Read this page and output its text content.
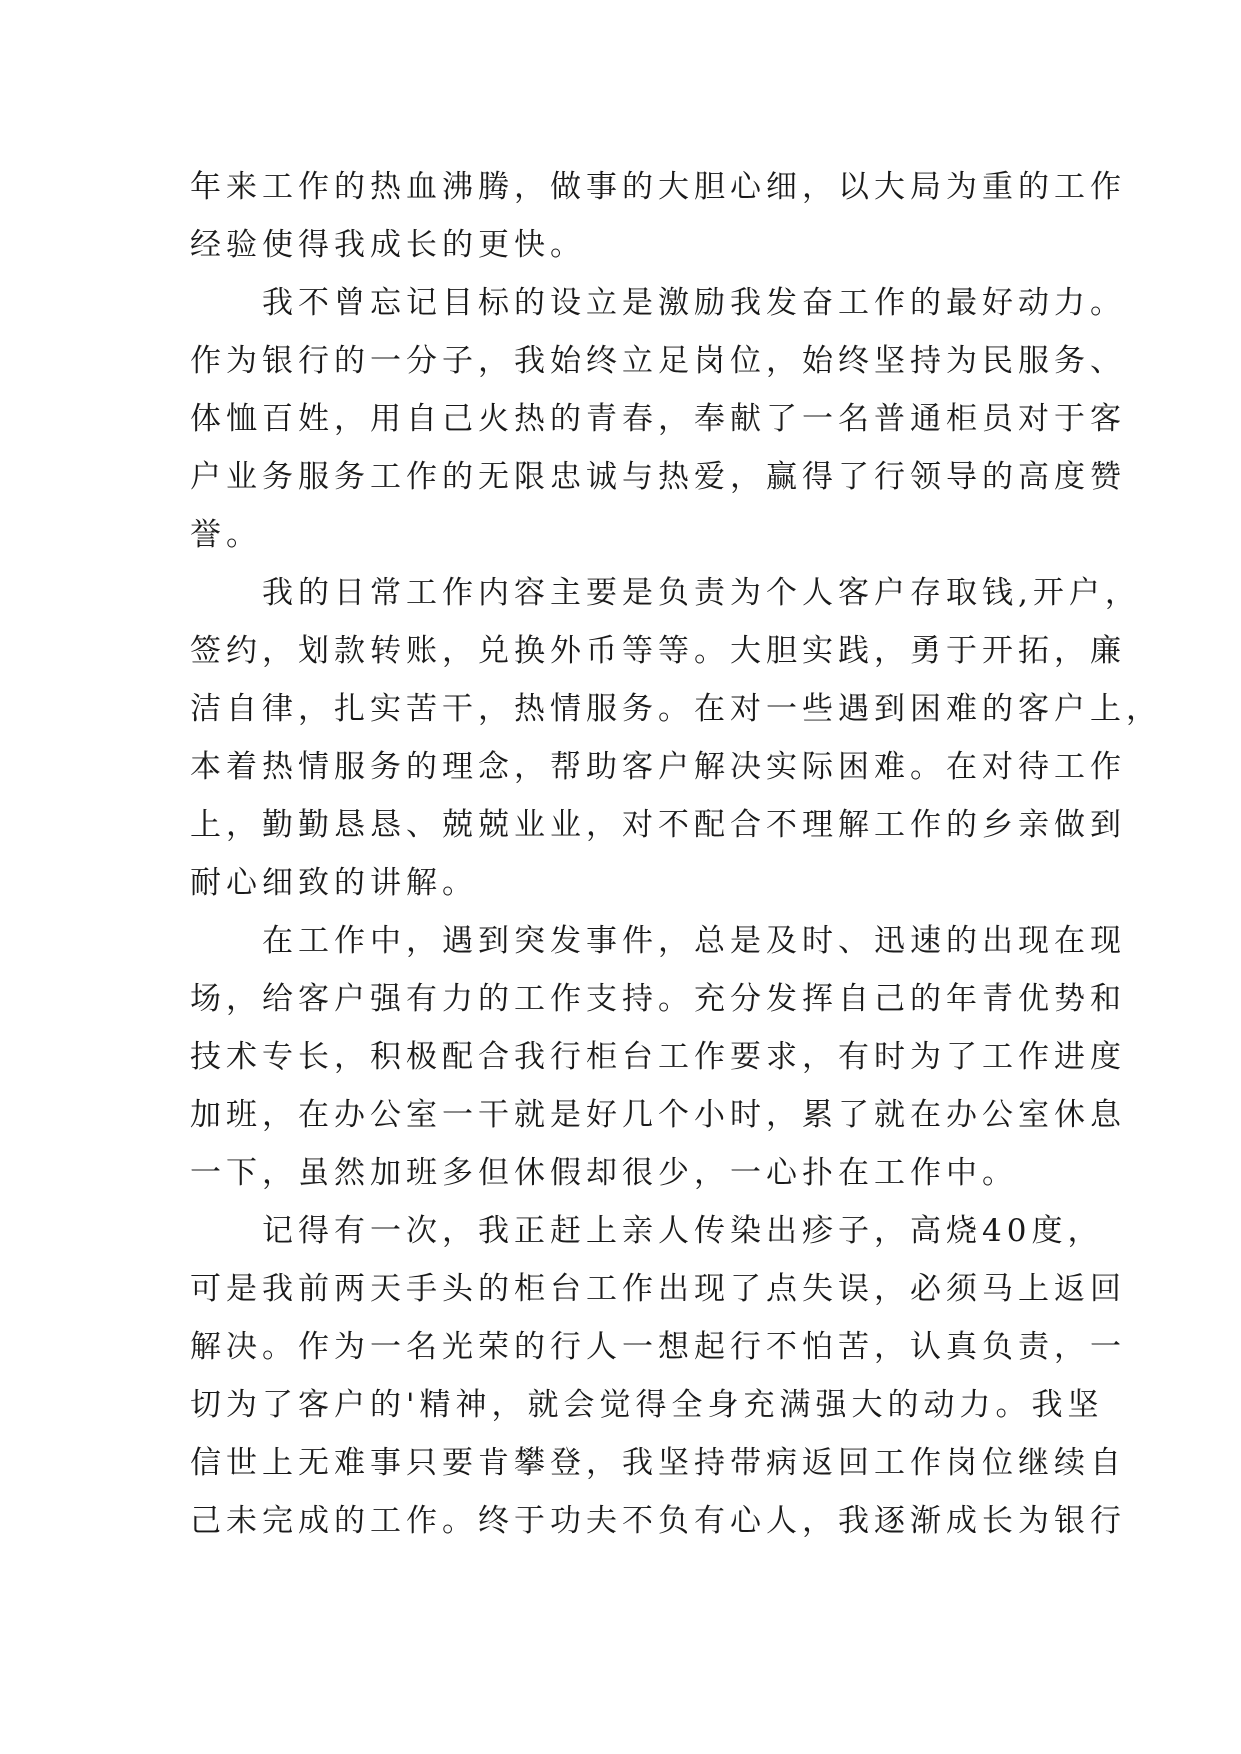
年来工作的热血沸腾，做事的大胆心细，以大局为重的工作
经验使得我成长的更快。
我不曾忘记目标的设立是激励我发奋工作的最好动力。
作为银行的一分子，我始终立足岗位，始终坚持为民服务、
体恤百姓，用自己火热的青春，奉献了一名普通柜员对于客
户业务服务工作的无限忠诚与热爱，赢得了行领导的高度赞
誉。
我的日常工作内容主要是负责为个人客户存取钱,开户，
签约，划款转账，兑换外币等等。大胆实践，勇于开拓，廉
洁自律，扎实苦干，热情服务。在对一些遇到困难的客户上，
本着热情服务的理念，帮助客户解决实际困难。在对待工作
上，勤勤恳恳、兢兢业业，对不配合不理解工作的乡亲做到
耐心细致的讲解。
在工作中，遇到突发事件，总是及时、迅速的出现在现
场，给客户强有力的工作支持。充分发挥自己的年青优势和
技术专长，积极配合我行柜台工作要求，有时为了工作进度
加班，在办公室一干就是好几个小时，累了就在办公室休息
一下，虽然加班多但休假却很少，一心扑在工作中。
记得有一次，我正赶上亲人传染出疹子，高烧40度，
可是我前两天手头的柜台工作出现了点失误，必须马上返回
解决。作为一名光荣的行人一想起行不怕苦，认真负责，一
切为了客户的'精神，就会觉得全身充满强大的动力。我坚
信世上无难事只要肯攀登，我坚持带病返回工作岗位继续自
己未完成的工作。终于功夫不负有心人，我逐渐成长为银行
